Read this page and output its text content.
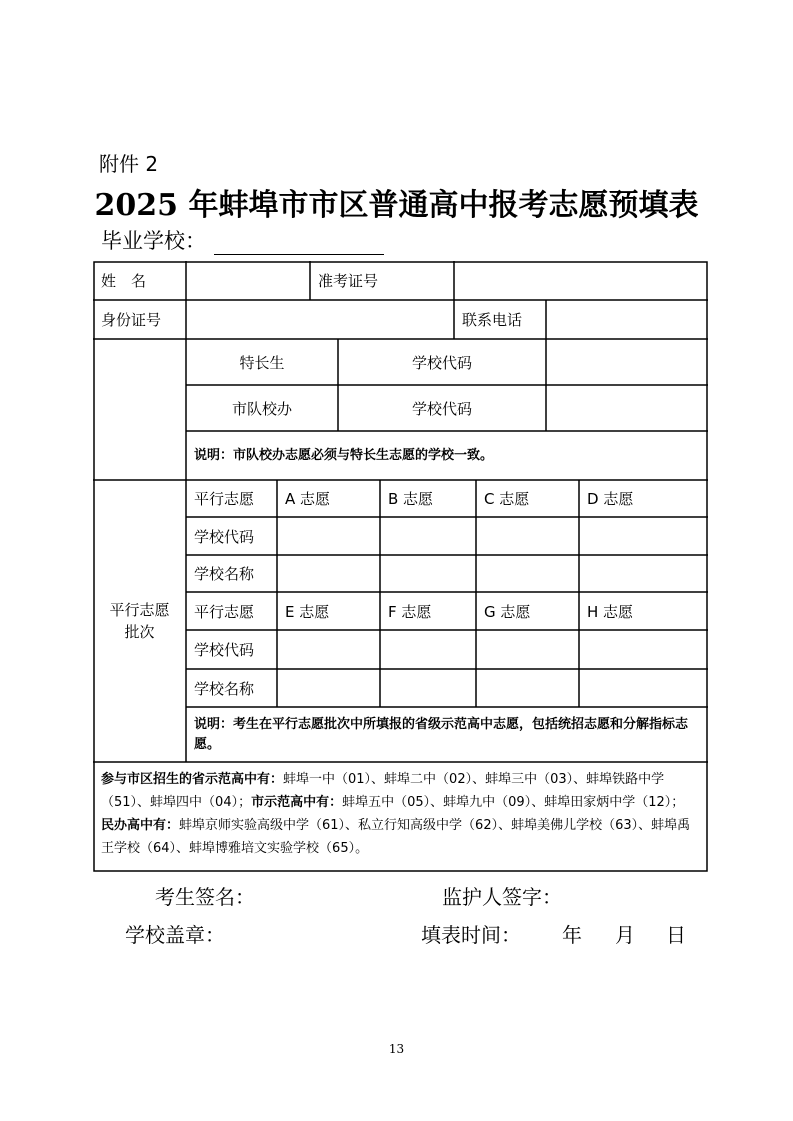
附件 2
2025 年蚌埠市市区普通高中报考志愿预填表
毕业学校：
姓　名	准考证号
身份证号	联系电话
特长生	学校代码
市队校办	学校代码
说明：市队校办志愿必须与特长生志愿的学校一致。
平行志愿
批次
平行志愿	A 志愿	B 志愿	C 志愿	D 志愿
学校代码
学校名称
平行志愿	E 志愿	F 志愿	G 志愿	H 志愿
学校代码
学校名称
说明：考生在平行志愿批次中所填报的省级示范高中志愿，包括统招志愿和分解指标志愿。
参与市区招生的省示范高中有：蚌埠一中（01）、蚌埠二中（02）、蚌埠三中（03）、蚌埠铁路中学（51）、蚌埠四中（04）；市示范高中有：蚌埠五中（05）、蚌埠九中（09）、蚌埠田家炳中学（12）；
民办高中有：蚌埠京师实验高级中学（61）、私立行知高级中学（62）、蚌埠美佛儿学校（63）、蚌埠禹王学校（64）、蚌埠博雅培文实验学校（65）。
考生签名：	监护人签字：
学校盖章：	填表时间： 年 月 日
13
